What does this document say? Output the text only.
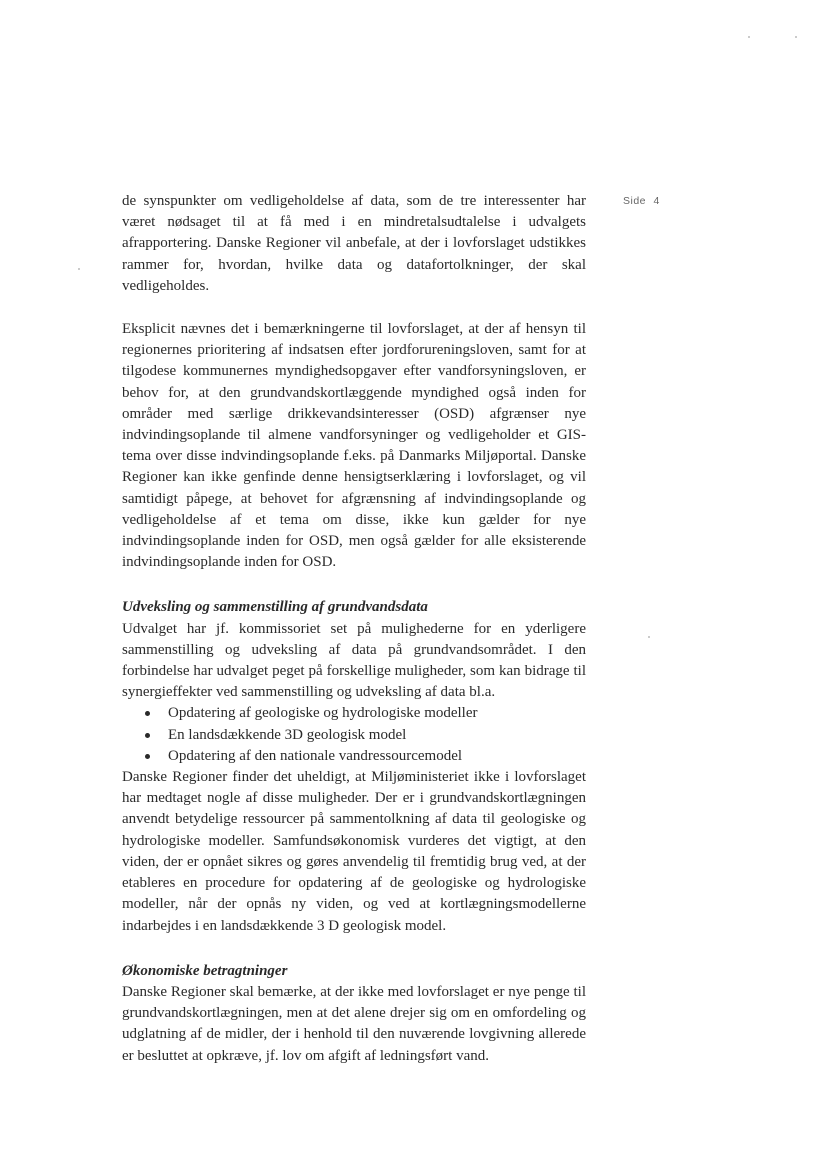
Side 4

de synspunkter om vedligeholdelse af data, som de tre interessenter har været nødsaget til at få med i en mindretalsudtalelse i udvalgets afrapportering. Danske Regioner vil anbefale, at der i lovforslaget udstikkes rammer for, hvordan, hvilke data og datafortolkninger, der skal vedligeholdes.

Eksplicit nævnes det i bemærkningerne til lovforslaget, at der af hensyn til regionernes prioritering af indsatsen efter jordforureningsloven, samt for at tilgodese kommunernes myndighedsopgaver efter vandforsyningsloven, er behov for, at den grundvandskortlæggende myndighed også inden for områder med særlige drikkevandsinteresser (OSD) afgrænser nye indvindingsoplande til almene vandforsyninger og vedligeholder et GIS-tema over disse indvindingsoplande f.eks. på Danmarks Miljøportal. Danske Regioner kan ikke genfinde denne hensigtserklæring i lovforslaget, og vil samtidigt påpege, at behovet for afgrænsning af indvindingsoplande og vedligeholdelse af et tema om disse, ikke kun gælder for nye indvindingsoplande inden for OSD, men også gælder for alle eksisterende indvindingsoplande inden for OSD.

Udveksling og sammenstilling af grundvandsdata

Udvalget har jf. kommissoriet set på mulighederne for en yderligere sammenstilling og udveksling af data på grundvandsområdet. I den forbindelse har udvalget peget på forskellige muligheder, som kan bidrage til synergieffekter ved sammenstilling og udveksling af data bl.a.

Opdatering af geologiske og hydrologiske modeller
En landsdækkende 3D geologisk model
Opdatering af den nationale vandressourcemodel

Danske Regioner finder det uheldigt, at Miljøministeriet ikke i lovforslaget har medtaget nogle af disse muligheder. Der er i grundvandskortlægningen anvendt betydelige ressourcer på sammentolkning af data til geologiske og hydrologiske modeller. Samfundsøkonomisk vurderes det vigtigt, at den viden, der er opnået sikres og gøres anvendelig til fremtidig brug ved, at der etableres en procedure for opdatering af de geologiske og hydrologiske modeller, når der opnås ny viden, og ved at kortlægningsmodellerne indarbejdes i en landsdækkende 3 D geologisk model.

Økonomiske betragtninger

Danske Regioner skal bemærke, at der ikke med lovforslaget er nye penge til grundvandskortlægningen, men at det alene drejer sig om en omfordeling og udglatning af de midler, der i henhold til den nuværende lovgivning allerede er besluttet at opkræve, jf. lov om afgift af ledningsført vand.
